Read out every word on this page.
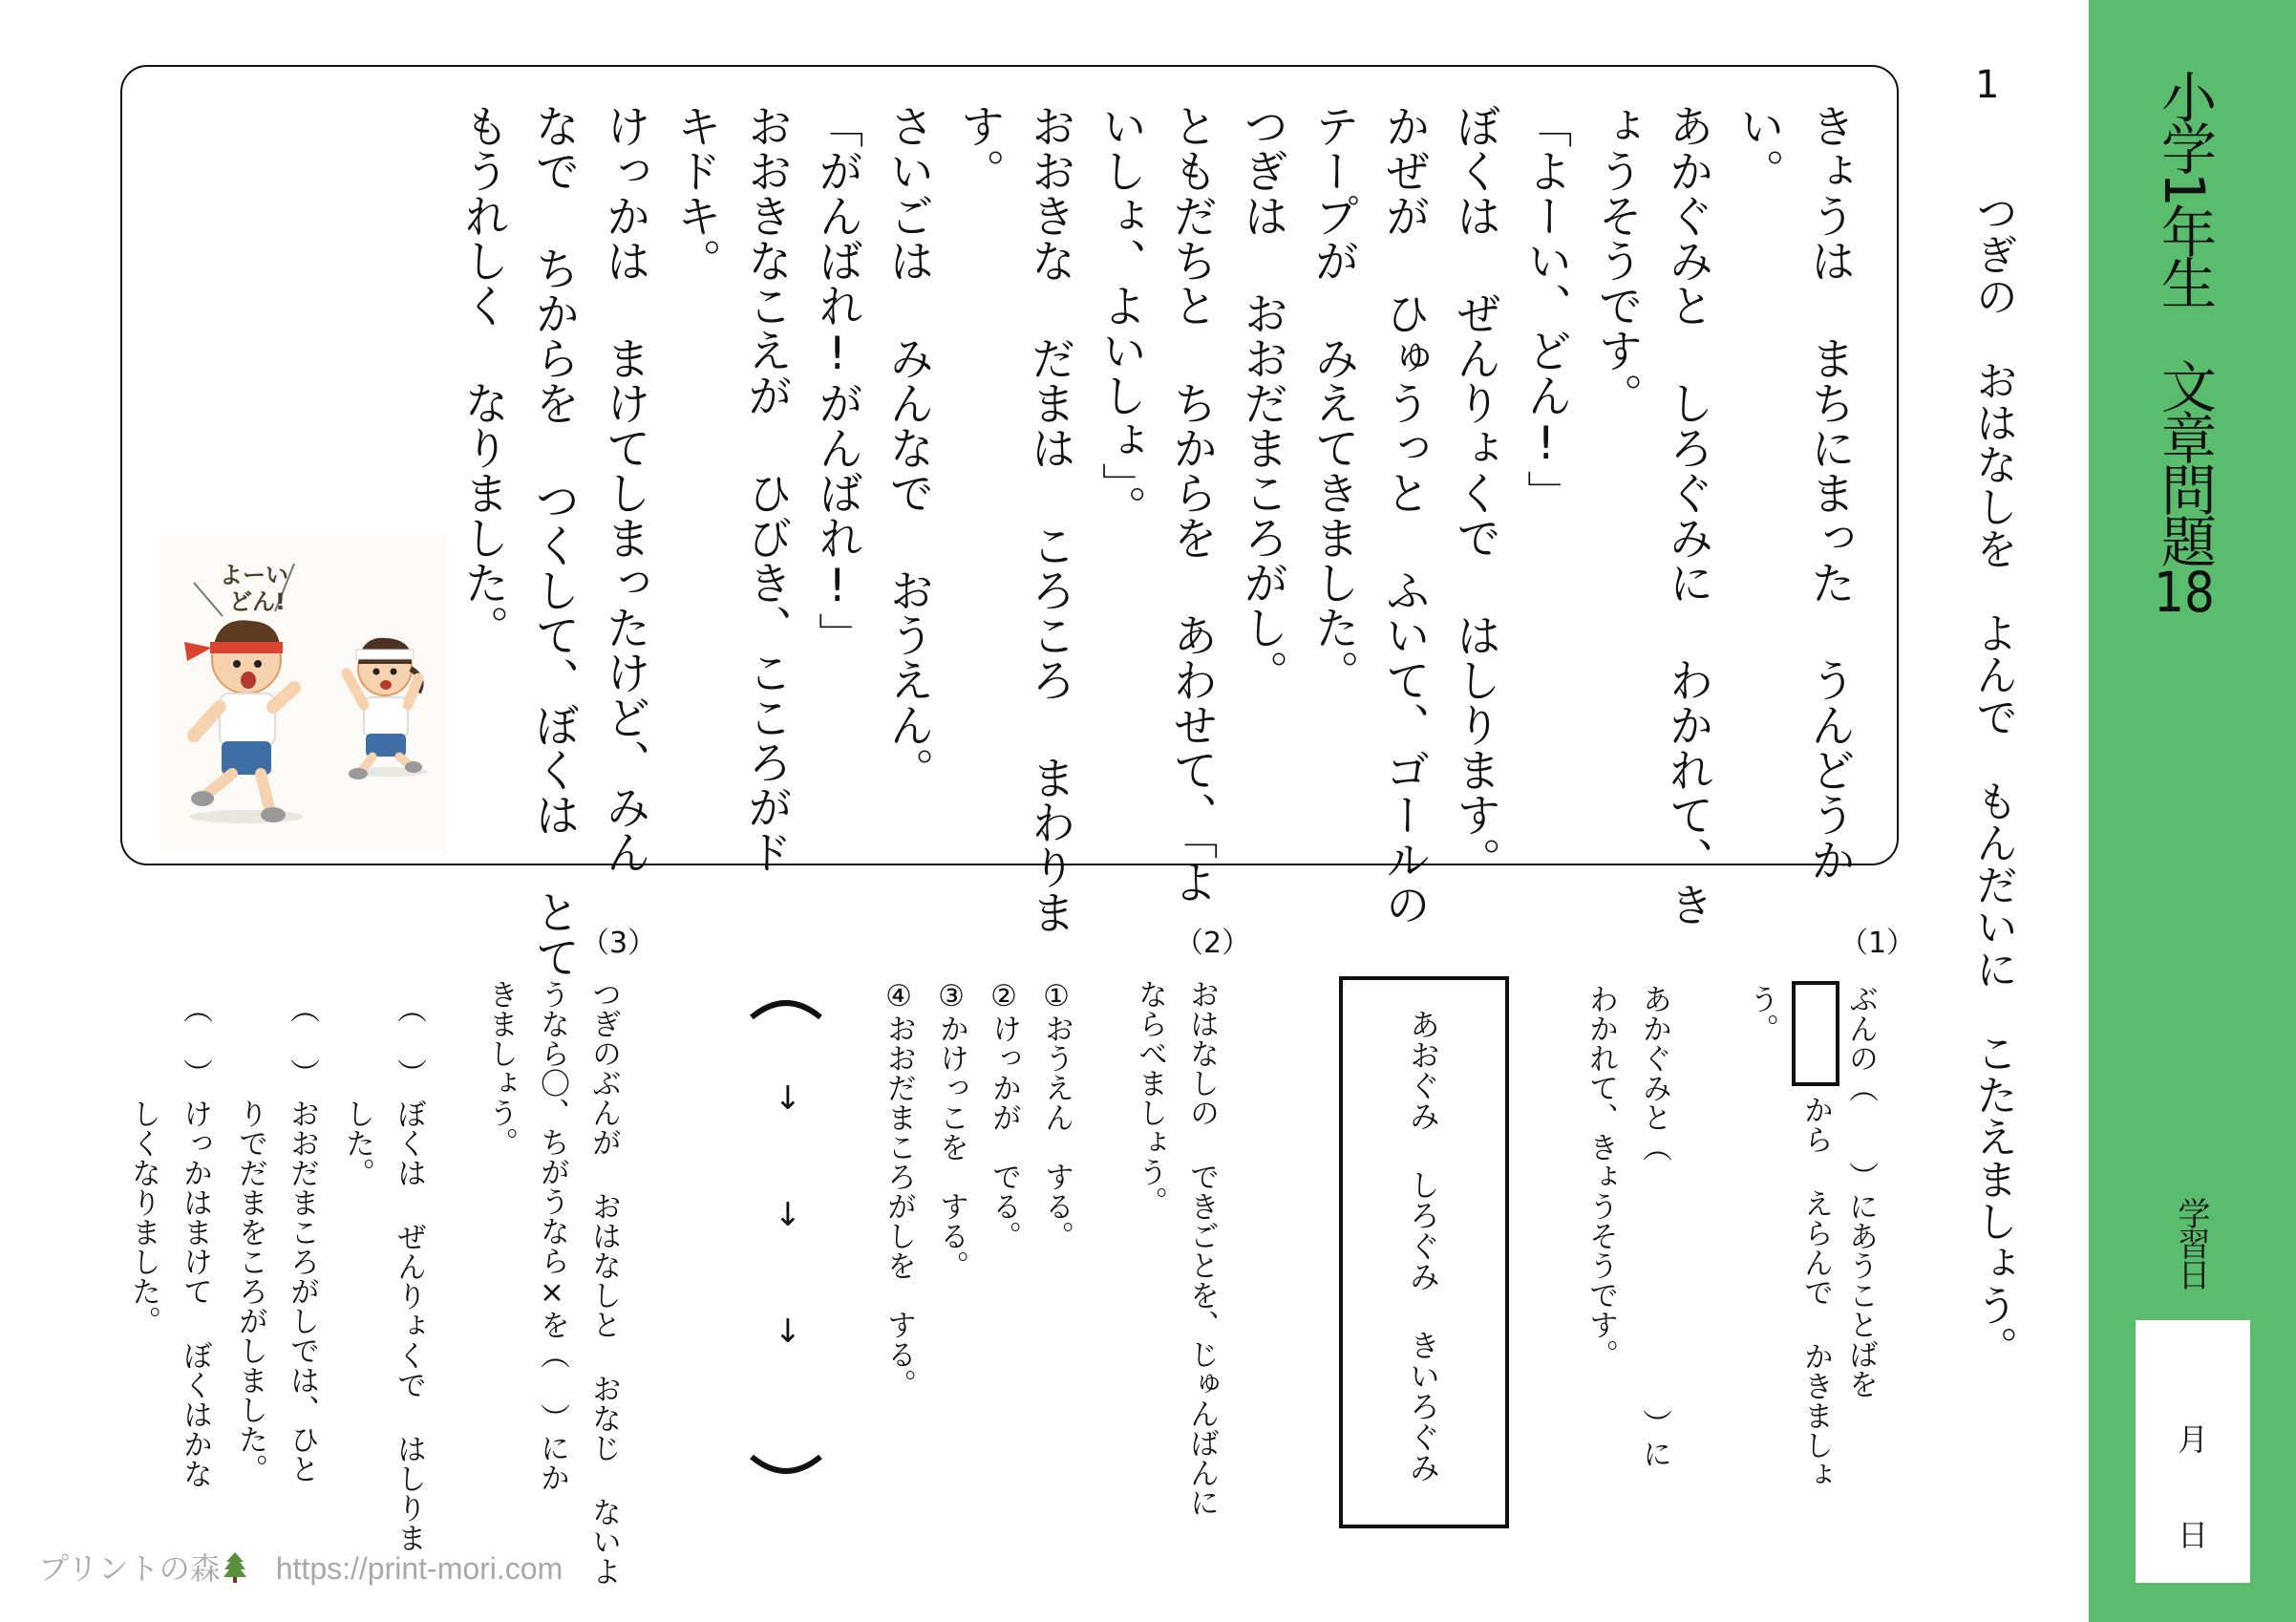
小学1年生　文章問題18
学習日
月
日
1
つぎの　おはなしを　よんで　もんだいに　こたえましょう。
きょうは まちにまった うんどうか
い。
あかぐみと しろぐみに わかれて、き
ょうそうです。
「よーい、どん!」
ぼくは ぜんりょくで はしります。
かぜが ひゅうっと ふいて、ゴールの
テープが みえてきました。
つぎは おおだまころがし。
ともだちと ちからを あわせて、「よ
いしょ、よいしょ」。
おおきな だまは ころころ まわりま
す。
さいごは みんなで おうえん。
「がんばれ!がんばれ!」
おおきなこえが ひびき、こころがド
キドキ。
けっかは まけてしまったけど、みん
なで ちからを つくして、ぼくは とて
もうれしく なりました。
よーい
どん!
（1）
ぶんの（
）にあうことばを
から えらんで かきましょ
う。
あかぐみと（
）に
わかれて、きょうそうです。
あおぐみ
しろぐみ
きいろぐみ
（2）
おはなしの できごとを、じゅんばんに
ならべましょう。
①おうえん　する。
②けっかが　でる。
③かけっこを　する。
④おおだまころがしを　する。
↓
↓
↓
（3）
つぎのぶんが おはなしと おなじ ないよ
うなら〇、ちがうなら×を（ ）にか
きましょう。
（
）
ぼくは ぜんりょくで はしりま
した。
（
）
おおだまころがしでは、ひと
りでだまをころがしました。
（
）
けっかはまけて ぼくはかな
しくなりました。
プリントの森 https://print-mori.com
